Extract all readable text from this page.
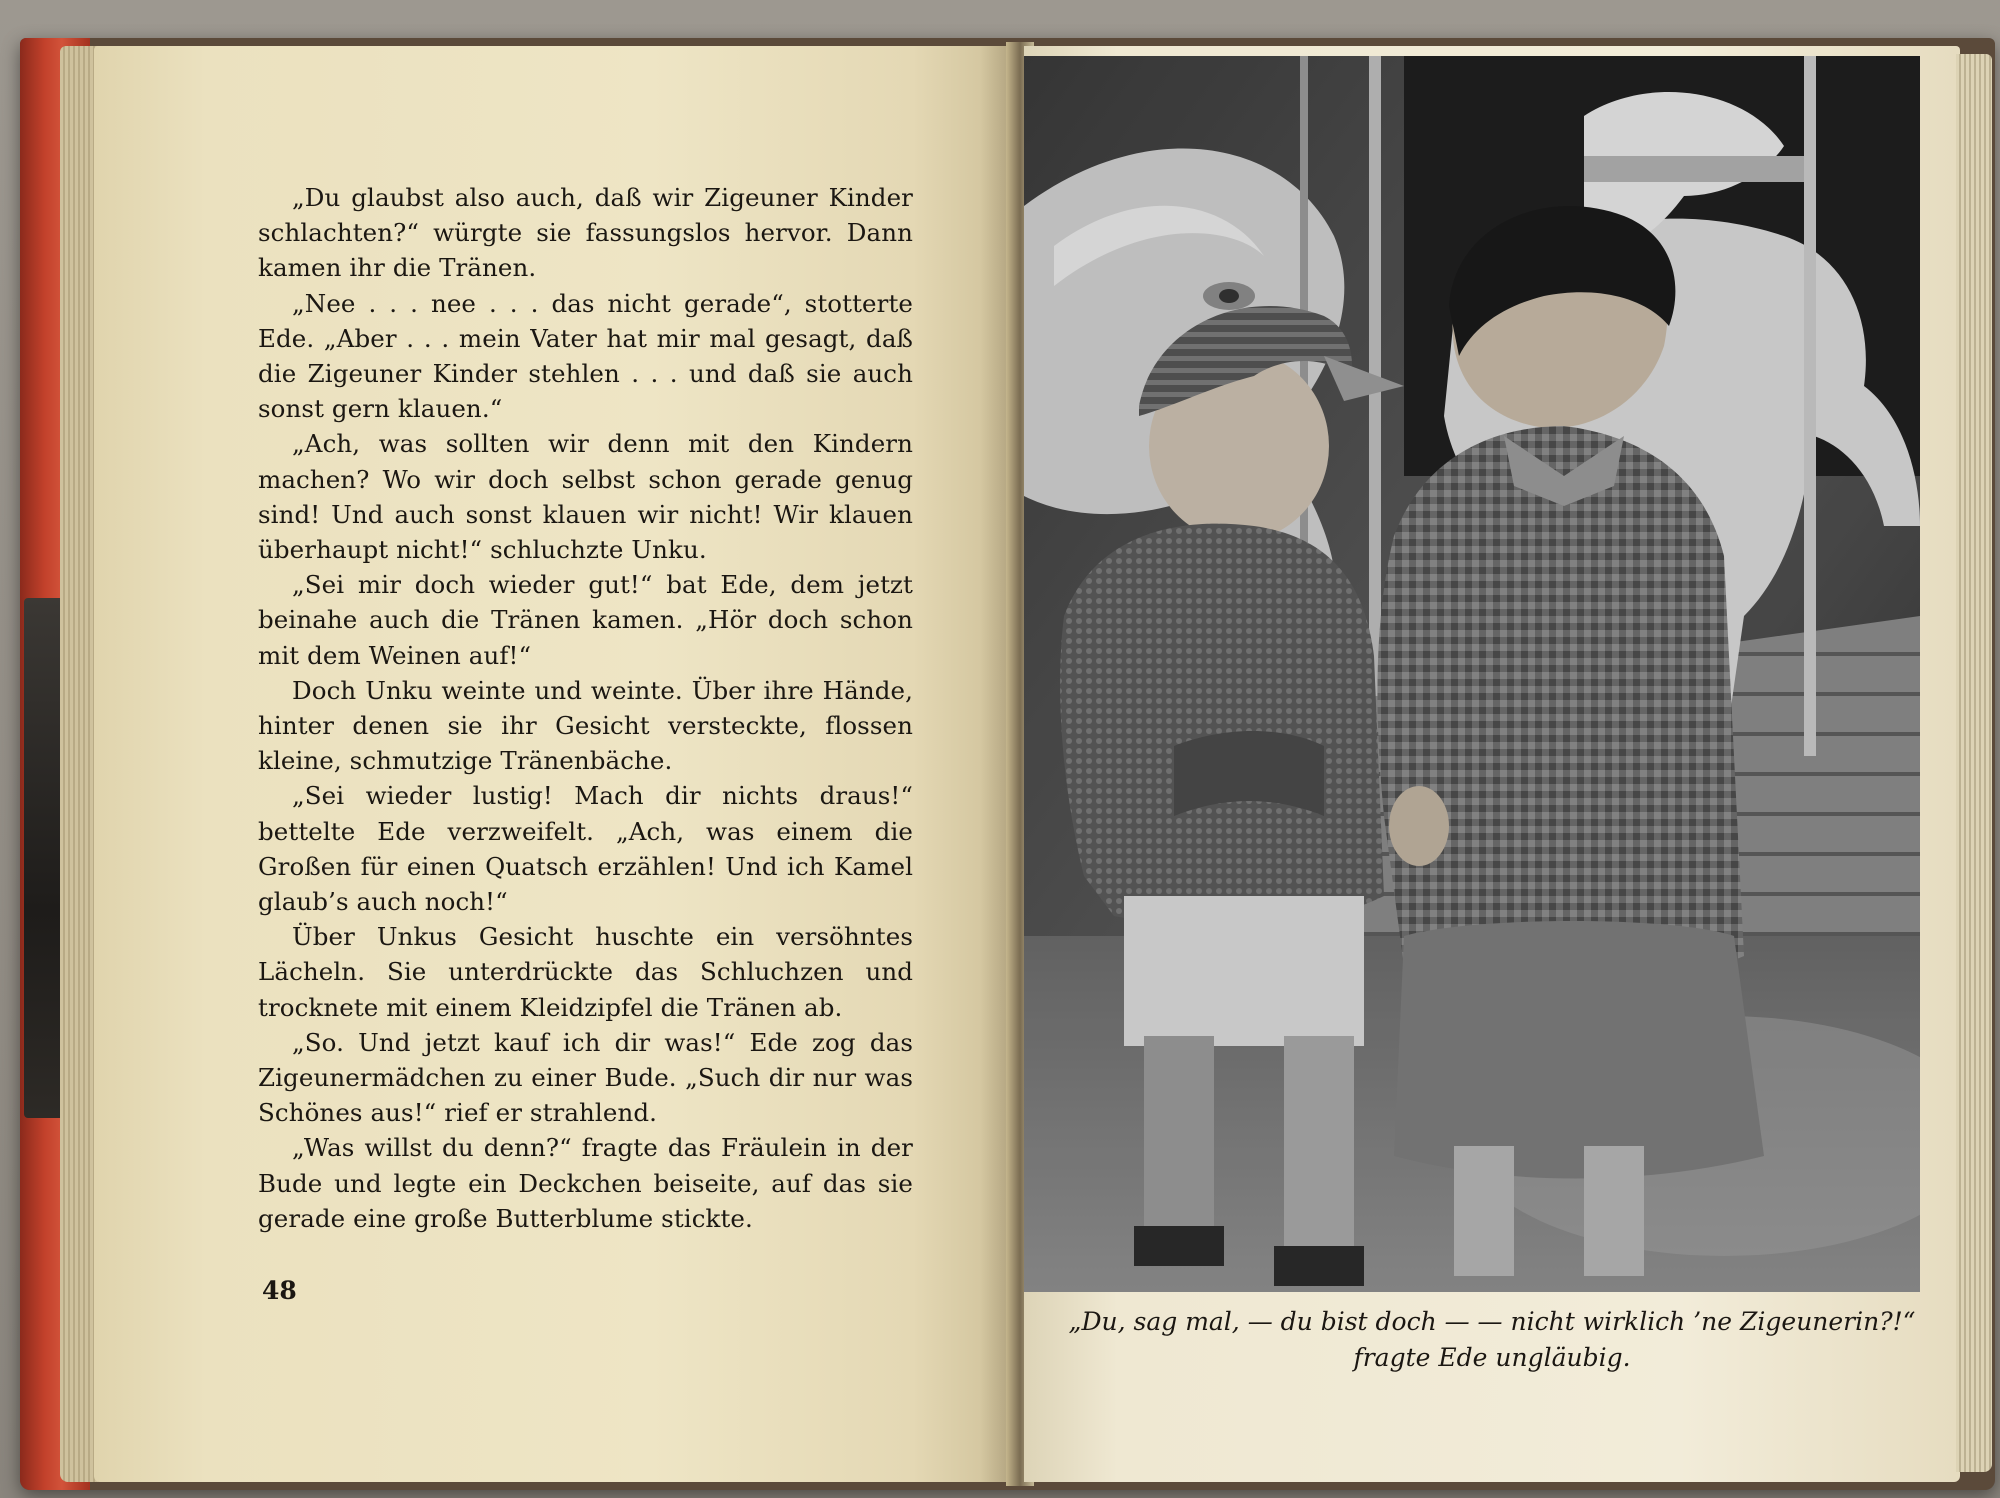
„Du glaubst also auch, daß wir Zigeuner Kinder schlachten?“ würgte sie fassungslos hervor. Dann kamen ihr die Tränen.

„Nee . . . nee . . . das nicht gerade“, stotterte Ede. „Aber . . . mein Vater hat mir mal gesagt, daß die Zigeuner Kinder stehlen . . . und daß sie auch sonst gern klauen.“

„Ach, was sollten wir denn mit den Kindern machen? Wo wir doch selbst schon gerade genug sind! Und auch sonst klauen wir nicht! Wir klauen überhaupt nicht!“ schluchzte Unku.

„Sei mir doch wieder gut!“ bat Ede, dem jetzt beinahe auch die Tränen kamen. „Hör doch schon mit dem Weinen auf!“

Doch Unku weinte und weinte. Über ihre Hände, hinter denen sie ihr Gesicht versteckte, flossen kleine, schmutzige Tränenbäche.

„Sei wieder lustig! Mach dir nichts draus!“ bettelte Ede verzweifelt. „Ach, was einem die Großen für einen Quatsch erzählen! Und ich Kamel glaub’s auch noch!“

Über Unkus Gesicht huschte ein versöhntes Lächeln. Sie unterdrückte das Schluchzen und trocknete mit einem Kleidzipfel die Tränen ab.

„So. Und jetzt kauf ich dir was!“ Ede zog das Zigeunermädchen zu einer Bude. „Such dir nur was Schönes aus!“ rief er strahlend.

„Was willst du denn?“ fragte das Fräulein in der Bude und legte ein Deckchen beiseite, auf das sie gerade eine große Butterblume stickte.

48
„Du, sag mal, — du bist doch — — nicht wirklich ’ne Zigeunerin?!“
fragte Ede ungläubig.
